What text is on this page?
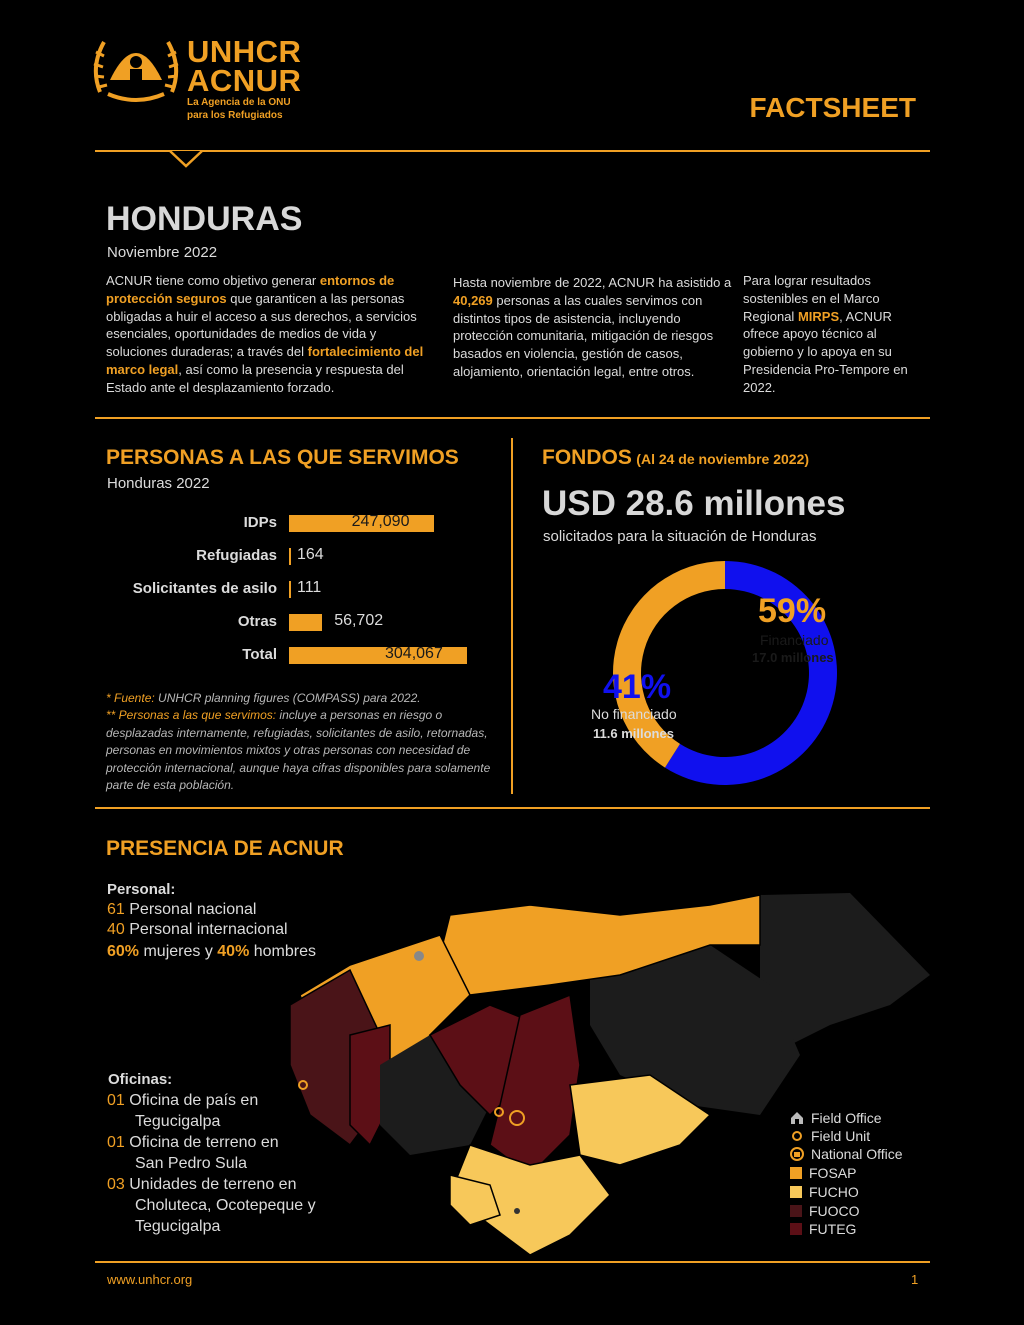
UNHCR
ACNUR
La Agencia de la ONU
para los Refugiados	FACTSHEET
HONDURAS
Noviembre 2022
ACNUR tiene como objetivo generar entornos de protección seguros que garanticen a las personas obligadas a huir el acceso a sus derechos, a servicios esenciales, oportunidades de medios de vida y soluciones duraderas; a través del fortalecimiento del marco legal, así como la presencia y respuesta del Estado ante el desplazamiento forzado.
Hasta noviembre de 2022, ACNUR ha asistido a 40,269 personas a las cuales servimos con distintos tipos de asistencia, incluyendo protección comunitaria, mitigación de riesgos basados en violencia, gestión de casos, alojamiento, orientación legal, entre otros.
Para lograr resultados sostenibles en el Marco Regional MIRPS, ACNUR ofrece apoyo técnico al gobierno y lo apoya en su Presidencia Pro-Tempore en 2022.
PERSONAS A LAS QUE SERVIMOS
Honduras 2022
IDPs	247,090
Refugiadas 164
Solicitantes de asilo 111
Otras	56,702
Total	304,067
* Fuente: UNHCR planning figures (COMPASS) para 2022.
** Personas a las que servimos: incluye a personas en riesgo o desplazadas internamente, refugiadas, solicitantes de asilo, retornadas, personas en movimientos mixtos y otras personas con necesidad de protección internacional, aunque haya cifras disponibles para solamente parte de esta población.
FONDOS (Al 24 de noviembre 2022)
USD 28.6 millones
solicitados para la situación de Honduras
59%
Financiado
17.0 millones
41%
No financiado
11.6 millones
PRESENCIA DE ACNUR
Personal:
61 Personal nacional
40 Personal internacional
60% mujeres y 40% hombres
Oficinas:
01 Oficina de país en
Tegucigalpa
01 Oficina de terreno en
San Pedro Sula
03 Unidades de terreno en
Choluteca, Ocotepeque y
Tegucigalpa
Field Office
Field Unit
National Office
FOSAP
FUCHO
FUOCO
FUTEG
www.unhcr.org	1
